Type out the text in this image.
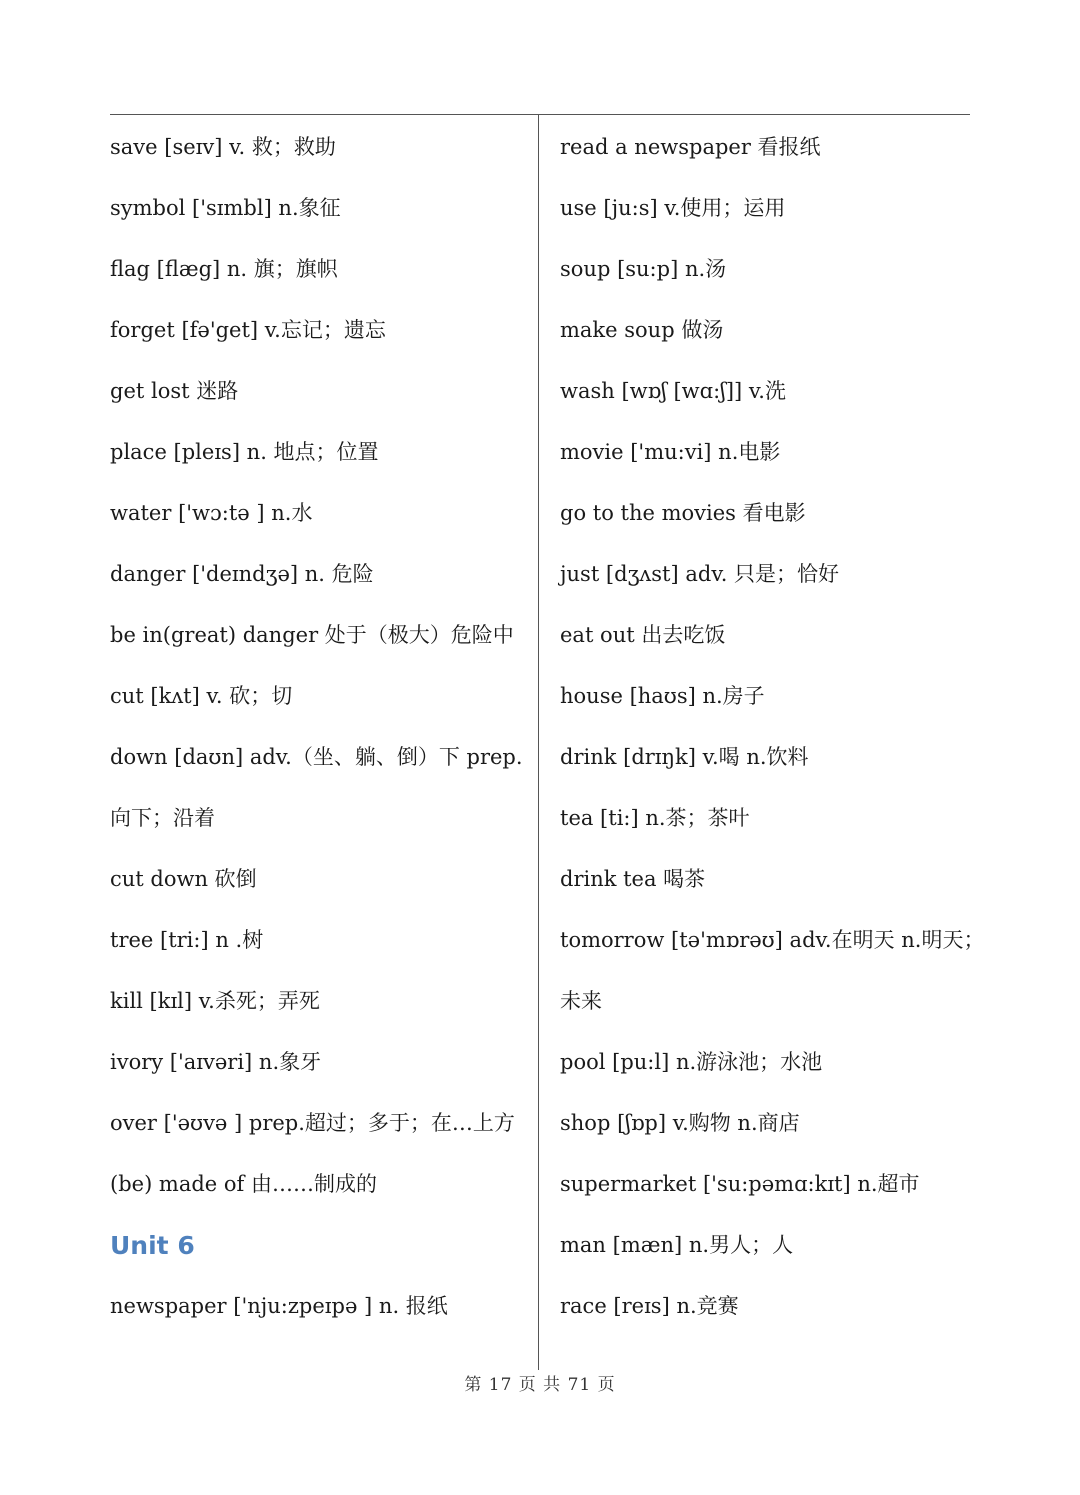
save [seɪv] v. 救；救助
symbol ['sɪmbl] n.象征
flag [flæg] n. 旗；旗帜
forget [fə'get] v.忘记；遗忘
get lost 迷路
place [pleɪs] n. 地点；位置
water ['wɔ:tə ] n.水
danger ['deɪndʒə] n. 危险
be in(great) danger 处于（极大）危险中
cut [kʌt] v. 砍；切
down [daʊn] adv.（坐、躺、倒）下 prep.
向下；沿着
cut down 砍倒
tree [tri:] n .树
kill [kɪl] v.杀死；弄死
ivory ['aɪvəri] n.象牙
over ['əʊvə ] prep.超过；多于；在…上方
(be) made of 由……制成的
Unit 6
newspaper ['nju:zpeɪpə ] n. 报纸
read a newspaper 看报纸
use [ju:s] v.使用；运用
soup [su:p] n.汤
make soup 做汤
wash [wɒʃ [wɑ:ʃ]] v.洗
movie ['mu:vi] n.电影
go to the movies 看电影
just [dʒʌst] adv. 只是；恰好
eat out 出去吃饭
house [haʊs] n.房子
drink [drɪŋk] v.喝 n.饮料
tea [ti:] n.茶；茶叶
drink tea 喝茶
tomorrow [tə'mɒrəʊ] adv.在明天 n.明天；
未来
pool [pu:l] n.游泳池；水池
shop [ʃɒp] v.购物 n.商店
supermarket ['su:pəmɑ:kɪt] n.超市
man [mæn] n.男人；人
race [reɪs] n.竞赛
第 17 页 共 71 页
